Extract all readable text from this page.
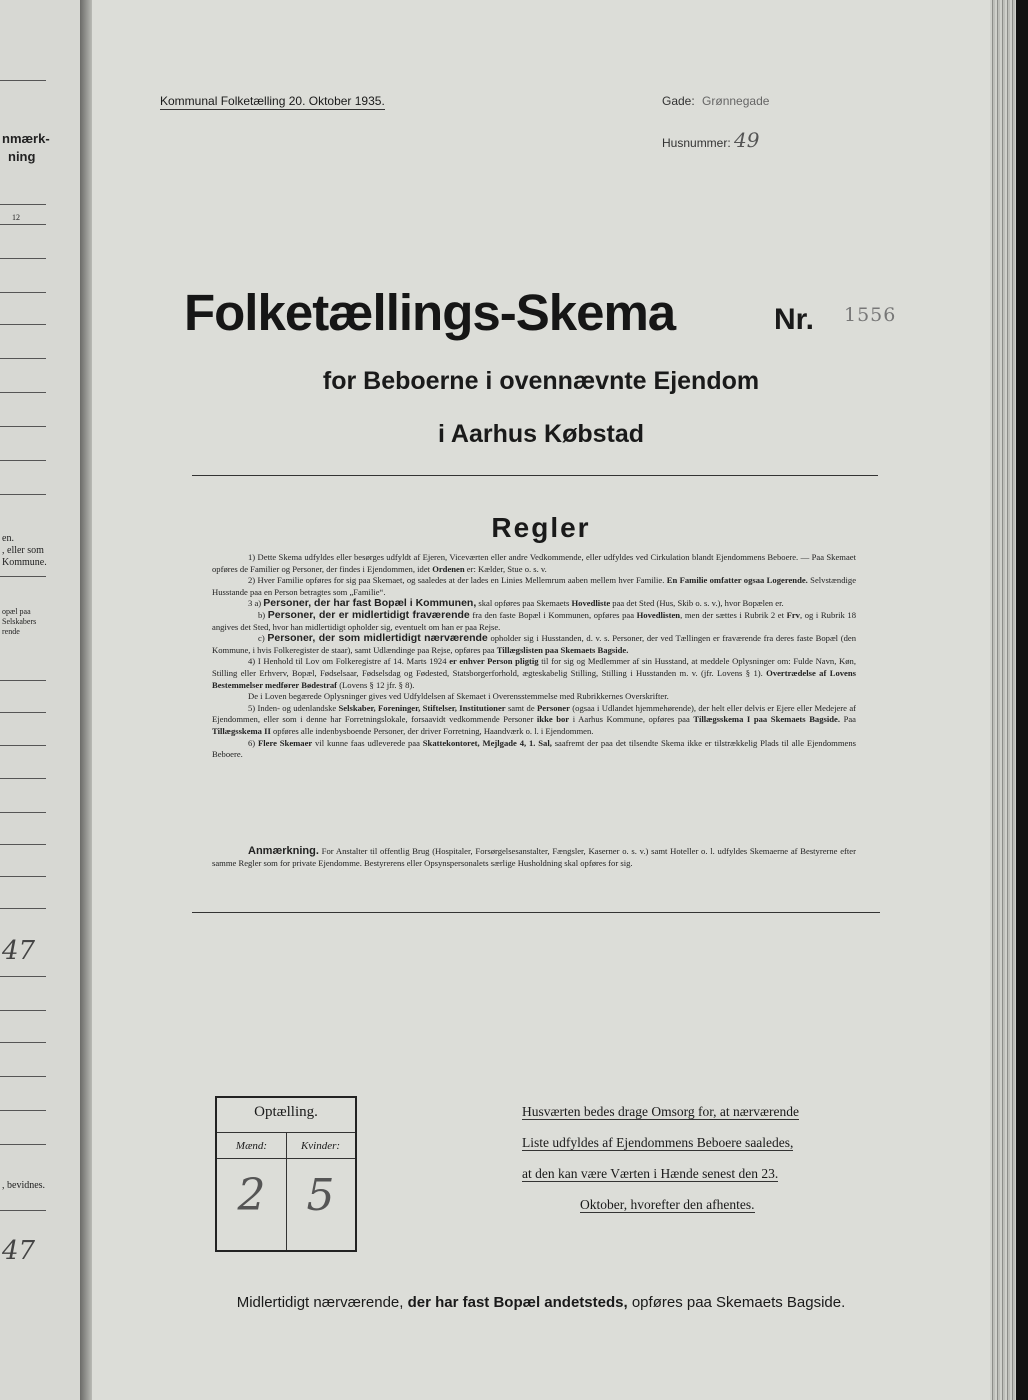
nmærk-
ning
12
en.
, eller som
Kommune.
opæl paa
Selskabers
rende
47
, bevidnes.
47
Kommunal Folketælling 20. Oktober 1935.	Gade: Grønnegade
Husnummer: 49
Folketællings-Skema	Nr. 1556
for Beboerne i ovennævnte Ejendom
i Aarhus Købstad
Regler

1) Dette Skema udfyldes eller besørges udfyldt af Ejeren, Viceværten eller andre Vedkommende, eller udfyldes ved Cirkulation blandt Ejendommens Beboere. — Paa Skemaet opføres de Familier og Personer, der findes i Ejendommen, idet Ordenen er: Kælder, Stue o. s. v.

2) Hver Familie opføres for sig paa Skemaet, og saaledes at der lades en Linies Mellemrum aaben mellem hver Familie. En Familie omfatter ogsaa Logerende. Selvstændige Husstande paa en Person betragtes som „Familie“.

3 a) Personer, der har fast Bopæl i Kommunen, skal opføres paa Skemaets Hovedliste paa det Sted (Hus, Skib o. s. v.), hvor Bopælen er.

b) Personer, der er midlertidigt fraværende fra den faste Bopæl i Kommunen, opføres paa Hovedlisten, men der sættes i Rubrik 2 et Frv, og i Rubrik 18 angives det Sted, hvor han midlertidigt opholder sig, eventuelt om han er paa Rejse.

c) Personer, der som midlertidigt nærværende opholder sig i Husstanden, d. v. s. Personer, der ved Tællingen er fraværende fra deres faste Bopæl (den Kommune, i hvis Folkeregister de staar), samt Udlændinge paa Rejse, opføres paa Tillægslisten paa Skemaets Bagside.

4) I Henhold til Lov om Folkeregistre af 14. Marts 1924 er enhver Person pligtig til for sig og Medlemmer af sin Husstand, at meddele Oplysninger om: Fulde Navn, Køn, Stilling eller Erhverv, Bopæl, Fødselsaar, Fødselsdag og Fødested, Statsborgerforhold, ægteskabelig Stilling, Stilling i Husstanden m. v. (jfr. Lovens § 1). Overtrædelse af Lovens Bestemmelser medfører Bødestraf (Lovens § 12 jfr. § 8).

De i Loven begærede Oplysninger gives ved Udfyldelsen af Skemaet i Overensstemmelse med Rubrikkernes Overskrifter.

5) Inden- og udenlandske Selskaber, Foreninger, Stiftelser, Institutioner samt de Personer (ogsaa i Udlandet hjemmehørende), der helt eller delvis er Ejere eller Medejere af Ejendommen, eller som i denne har Forretningslokale, forsaavidt vedkommende Personer ikke bor i Aarhus Kommune, opføres paa Tillægsskema I paa Skemaets Bagside. Paa Tillægsskema II opføres alle indenbysboende Personer, der driver Forretning, Haandværk o. l. i Ejendommen.

6) Flere Skemaer vil kunne faas udleverede paa Skattekontoret, Mejlgade 4, 1. Sal, saafremt der paa det tilsendte Skema ikke er tilstrækkelig Plads til alle Ejendommens Beboere.

Anmærkning. For Anstalter til offentlig Brug (Hospitaler, Forsørgelsesanstalter, Fængsler, Kaserner o. s. v.) samt Hoteller o. l. udfyldes Skemaerne af Bestyrerne efter samme Regler som for private Ejendomme. Bestyrerens eller Opsynspersonalets særlige Husholdning skal opføres for sig.

Optælling.
Mænd:	Kvinder:
2 5
Husværten bedes drage Omsorg for, at nærværende
Liste udfyldes af Ejendommens Beboere saaledes,
at den kan være Værten i Hænde senest den 23.
Oktober, hvorefter den afhentes.
Midlertidigt nærværende, der har fast Bopæl andetsteds, opføres paa Skemaets Bagside.
